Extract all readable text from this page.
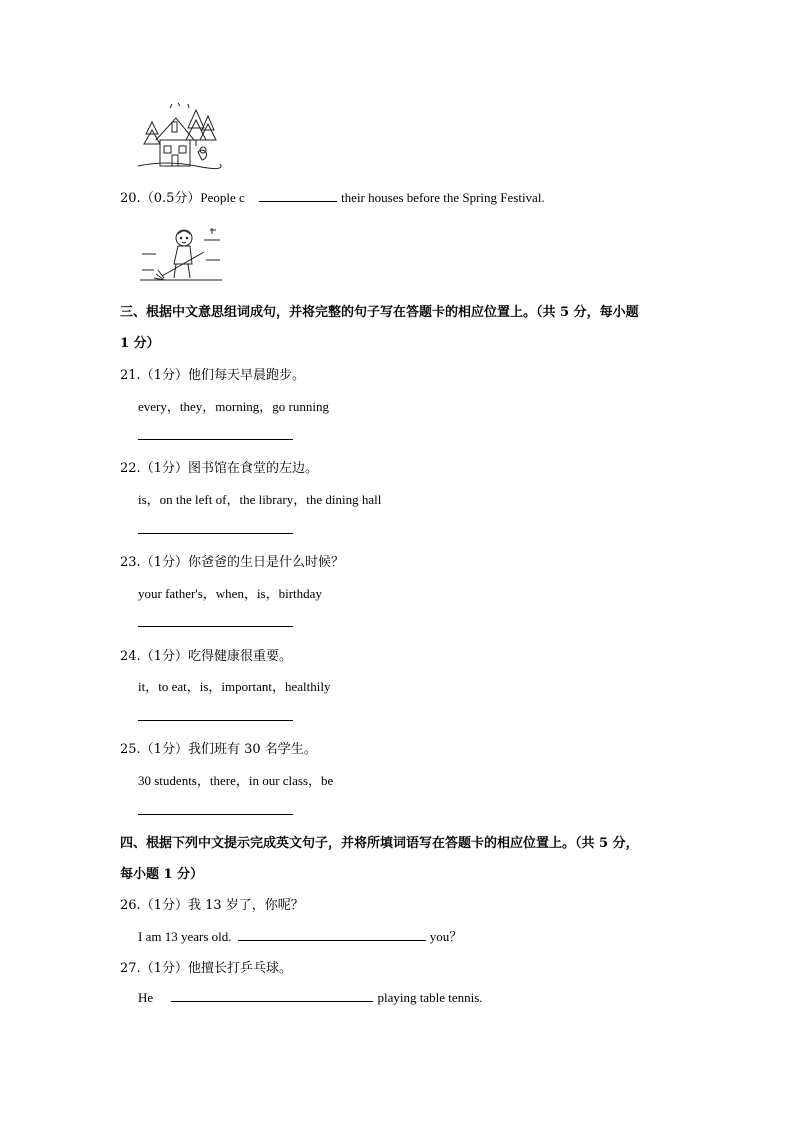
20.（0.5分）People c	their houses before the Spring Festival.
三、根据中文意思组词成句，并将完整的句子写在答题卡的相应位置上。（共 5 分，每小题
1 分）
21.（1分）他们每天早晨跑步。
every，they，morning，go running
22.（1分）图书馆在食堂的左边。
is，on the left of，the library，the dining hall
23.（1分）你爸爸的生日是什么时候？
your father's，when，is，birthday
24.（1分）吃得健康很重要。
it，to eat，is，important，healthily
25.（1分）我们班有 30 名学生。
30 students，there，in our class，be
四、根据下列中文提示完成英文句子，并将所填词语写在答题卡的相应位置上。（共 5 分，
每小题 1 分）
26.（1分）我 13 岁了，你呢？
I am 13 years old.	you？
27.（1分）他擅长打乒乓球。
He	playing table tennis.
